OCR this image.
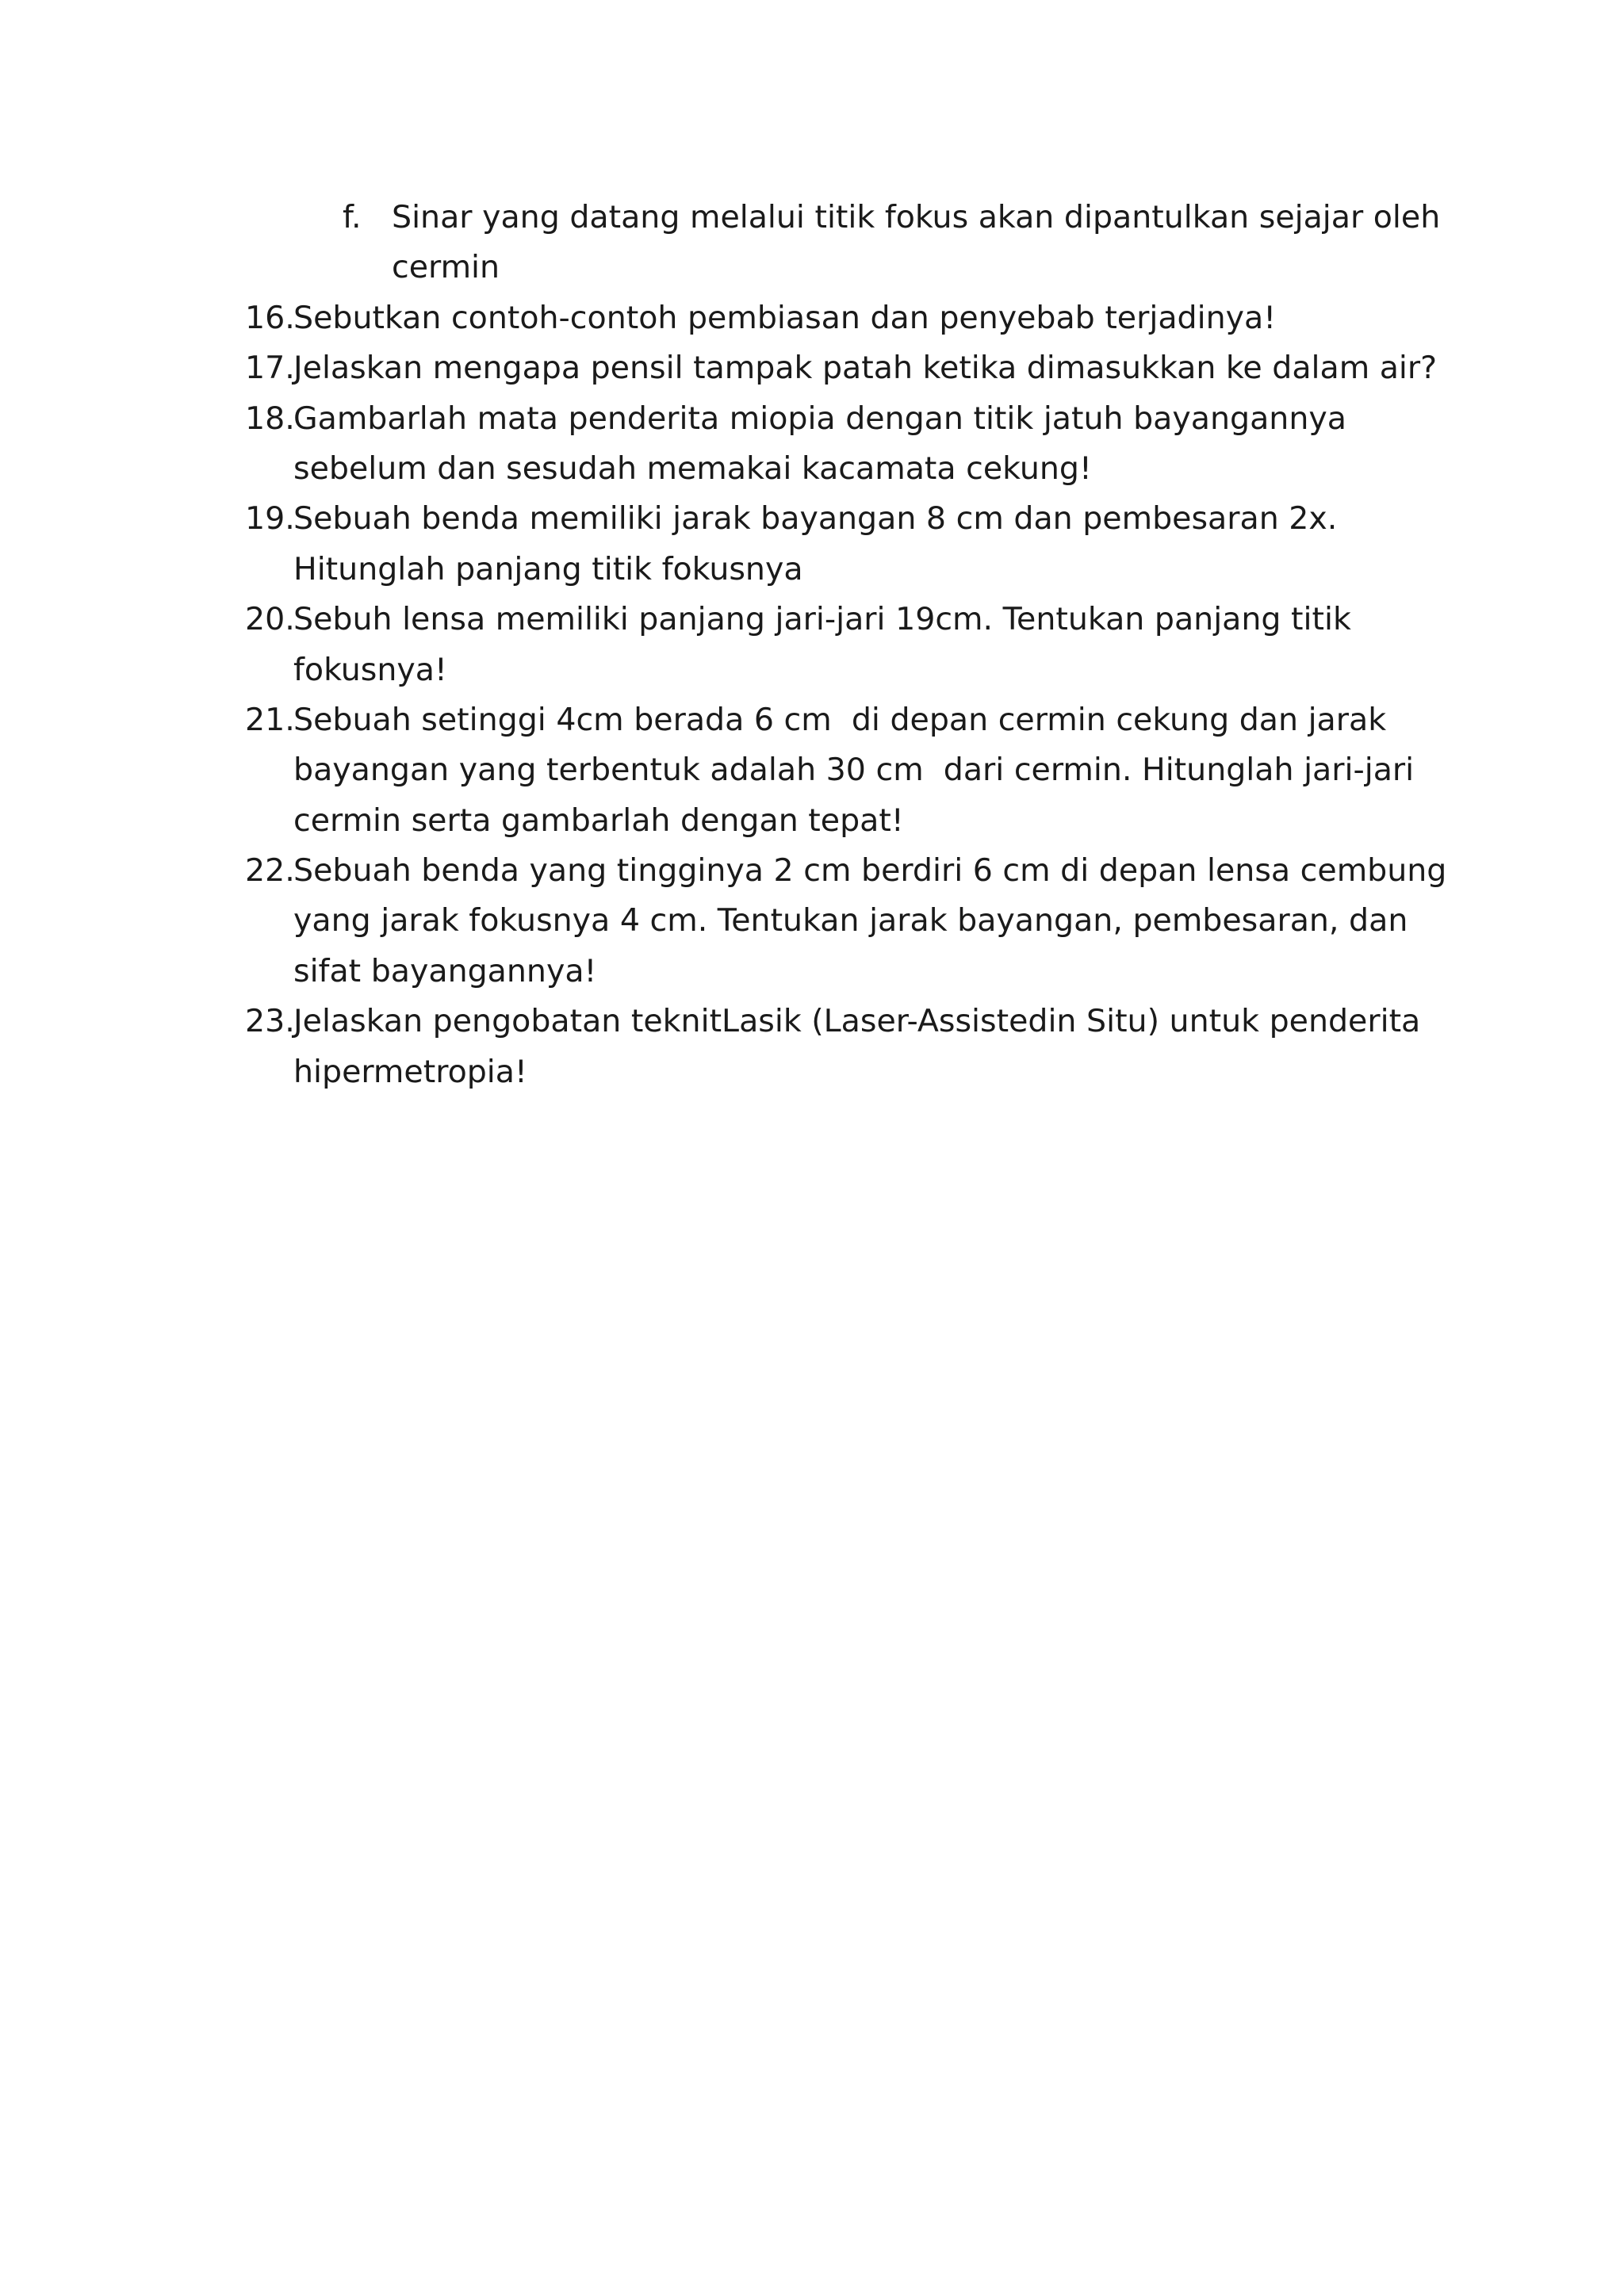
f.

Sinar yang datang melalui titik fokus akan dipantulkan sejajar oleh

cermin

16.

Sebutkan contoh-contoh pembiasan dan penyebab terjadinya!

17.

Jelaskan mengapa pensil tampak patah ketika dimasukkan ke dalam air?

18.

Gambarlah mata penderita miopia dengan titik jatuh bayangannya

sebelum dan sesudah memakai kacamata cekung!

19.

Sebuah benda memiliki jarak bayangan 8 cm dan pembesaran 2x.

Hitunglah panjang titik fokusnya

20.

Sebuh lensa memiliki panjang jari-jari 19cm. Tentukan panjang titik

fokusnya!

21.

Sebuah setinggi 4cm berada 6 cm  di depan cermin cekung dan jarak

bayangan yang terbentuk adalah 30 cm  dari cermin. Hitunglah jari-jari

cermin serta gambarlah dengan tepat!

22.

Sebuah benda yang tingginya 2 cm berdiri 6 cm di depan lensa cembung

yang jarak fokusnya 4 cm. Tentukan jarak bayangan, pembesaran, dan

sifat bayangannya!

23.

Jelaskan pengobatan teknitLasik (Laser-Assistedin Situ) untuk penderita

hipermetropia!
